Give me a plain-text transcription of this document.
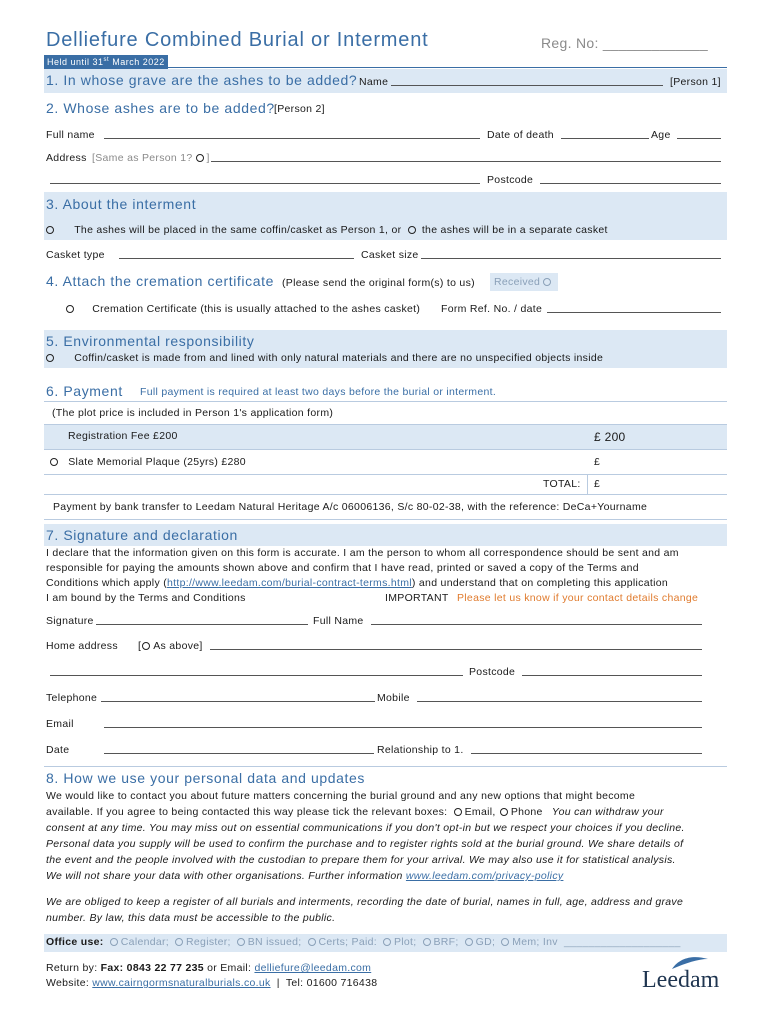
Delliefure Combined Burial or Interment	Reg. No: _____________
Held until 31st March 2022
1. In whose grave are the ashes to be added? Name	[Person 1]
2. Whose ashes are to be added? [Person 2]
Full name	Date of death	Age
Address [Same as Person 1? ]
Postcode
3. About the interment
The ashes will be placed in the same coffin/casket as Person 1, or the ashes will be in a separate casket
Casket type	Casket size
4. Attach the cremation certificate (Please send the original form(s) to us)	Received
Cremation Certificate (this is usually attached to the ashes casket) Form Ref. No. / date
5. Environmental responsibility
Coffin/casket is made from and lined with only natural materials and there are no unspecified objects inside
6. Payment Full payment is required at least two days before the burial or interment.
(The plot price is included in Person 1's application form)
Registration Fee £200	£ 200
Slate Memorial Plaque (25yrs) £280	£
TOTAL: £
Payment by bank transfer to Leedam Natural Heritage A/c 06006136, S/c 80-02-38, with the reference: DeCa+Yourname
7. Signature and declaration
I declare that the information given on this form is accurate. I am the person to whom all correspondence should be sent and am
responsible for paying the amounts shown above and confirm that I have read, printed or saved a copy of the Terms and
Conditions which apply (http://www.leedam.com/burial-contract-terms.html) and understand that on completing this application
I am bound by the Terms and Conditions	IMPORTANT Please let us know if your contact details change
Signature	Full Name
Home address [ As above]
Postcode
Telephone	Mobile
Email
Date	Relationship to 1.
8. How we use your personal data and updates
We would like to contact you about future matters concerning the burial ground and any new options that might become
available. If you agree to being contacted this way please tick the relevant boxes: Email, Phone You can withdraw your
consent at any time. You may miss out on essential communications if you don't opt-in but we respect your choices if you decline.
Personal data you supply will be used to confirm the purchase and to register rights sold at the burial ground. We share details of
the event and the people involved with the custodian to prepare them for your arrival. We may also use it for statistical analysis.
We will not share your data with other organisations. Further information www.leedam.com/privacy-policy
We are obliged to keep a register of all burials and interments, recording the date of burial, names in full, age, address and grave
number. By law, this data must be accessible to the public.
Office use: Calendar; Register; BN issued; Certs; Paid: Plot; BRF; GD; Mem; Inv ___________________
Return by: Fax: 0843 22 77 235 or Email: delliefure@leedam.com
Website: www.cairngormsnaturalburials.co.uk | Tel: 01600 716438	Leedam
